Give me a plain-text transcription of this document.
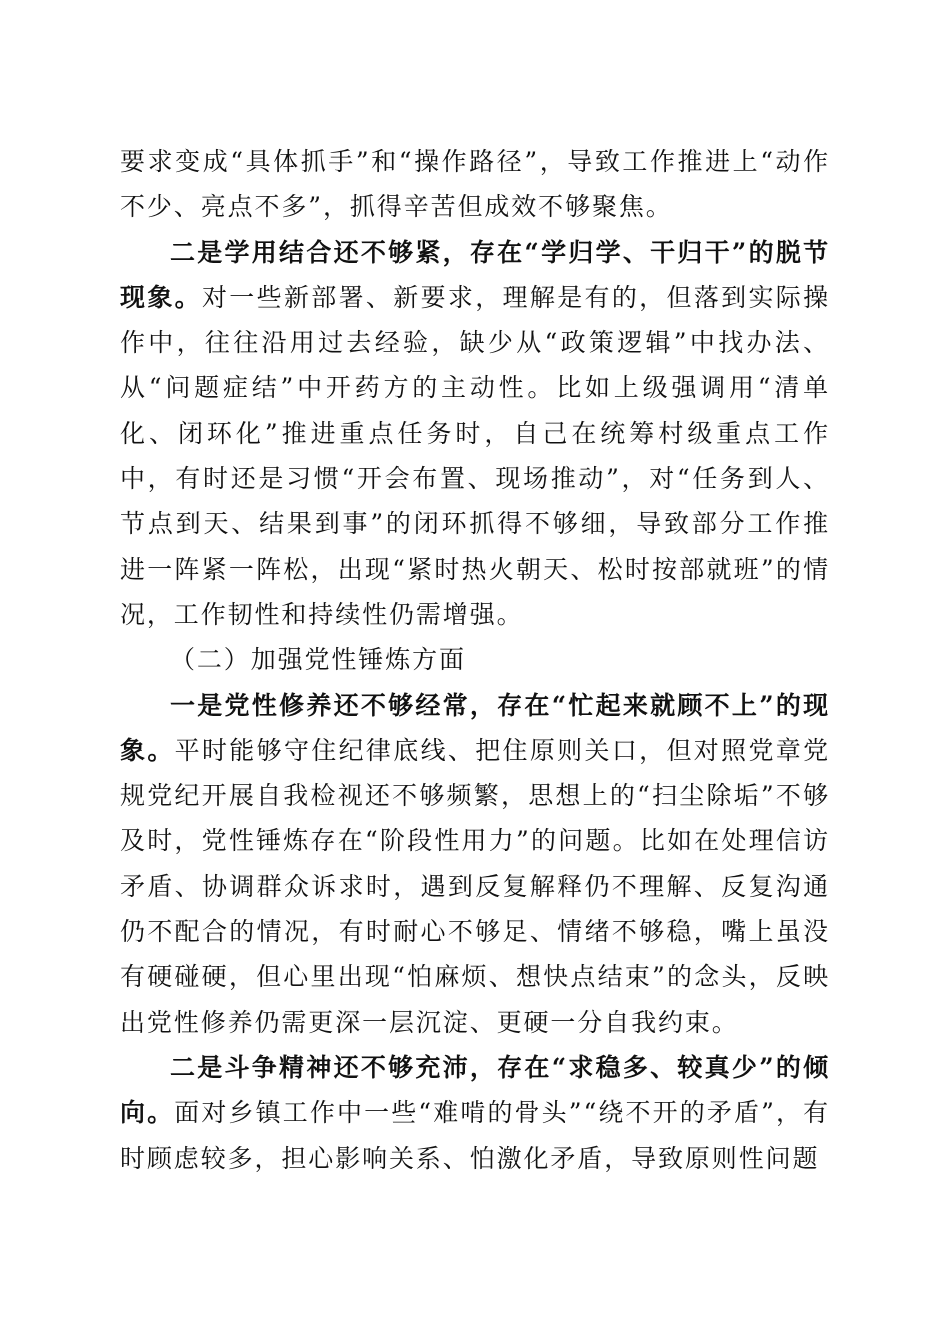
要求变成“具体抓手”和“操作路径”，导致工作推进上“动作不少、亮点不多”，抓得辛苦但成效不够聚焦。

二是学用结合还不够紧，存在“学归学、干归干”的脱节现象。对一些新部署、新要求，理解是有的，但落到实际操作中，往往沿用过去经验，缺少从“政策逻辑”中找办法、从“问题症结”中开药方的主动性。比如上级强调用“清单化、闭环化”推进重点任务时，自己在统筹村级重点工作中，有时还是习惯“开会布置、现场推动”，对“任务到人、节点到天、结果到事”的闭环抓得不够细，导致部分工作推进一阵紧一阵松，出现“紧时热火朝天、松时按部就班”的情况，工作韧性和持续性仍需增强。

（二）加强党性锤炼方面

一是党性修养还不够经常，存在“忙起来就顾不上”的现象。平时能够守住纪律底线、把住原则关口，但对照党章党规党纪开展自我检视还不够频繁，思想上的“扫尘除垢”不够及时，党性锤炼存在“阶段性用力”的问题。比如在处理信访矛盾、协调群众诉求时，遇到反复解释仍不理解、反复沟通仍不配合的情况，有时耐心不够足、情绪不够稳，嘴上虽没有硬碰硬，但心里出现“怕麻烦、想快点结束”的念头，反映出党性修养仍需更深一层沉淀、更硬一分自我约束。

二是斗争精神还不够充沛，存在“求稳多、较真少”的倾向。面对乡镇工作中一些“难啃的骨头”“绕不开的矛盾”，有时顾虑较多，担心影响关系、怕激化矛盾，导致原则性问题
